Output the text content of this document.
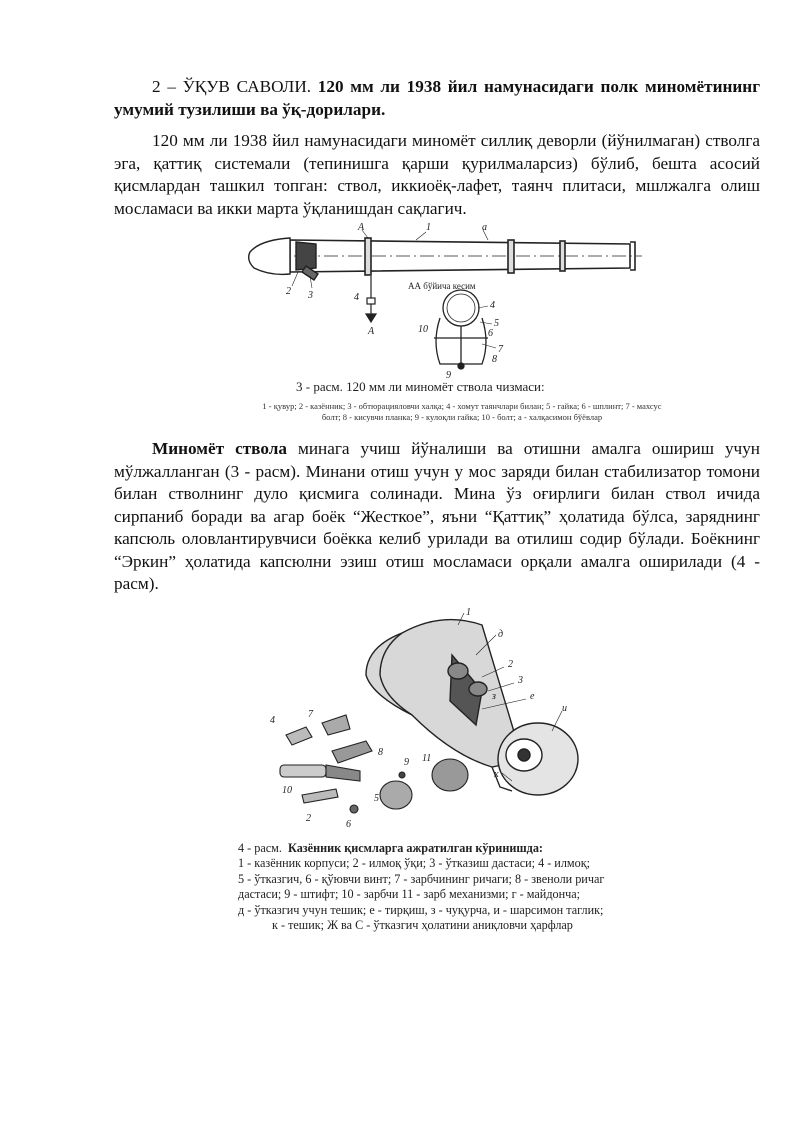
2 – ЎҚУВ САВОЛИ. 120 мм ли 1938 йил намунасидаги полк миномётининг умумий тузилиши ва ўқ-дорилари.

120 мм ли 1938 йил намунасидаги миномёт силлиқ деворли (йўнилмаган) стволга эга, қаттиқ системали (тепинишга қарши қурилмаларсиз) бўлиб, бешта асосий қисмлардан ташкил топган: ствол, иккиоёқ-лафет, таянч плитаси, мшлжалга олиш мосламаси ва икки марта ўқланишдан сақлагич.

А	1	а
2 3	4
А	10
4
5
6
7
8
9
АА бўйича кесим
3 - расм. 120 мм ли миномёт ствола чизмаси:
1 - қувур; 2 - казённик; 3 - обтюрацияловчи халқа; 4 - хомут таянчлари билан; 5 - гайка; 6 - шплинт; 7 - махсус болт; 8 - кисувчи планка; 9 - кулоқли гайка; 10 - болт; а - халқасимон бўёвлар

Миномёт ствола минага учиш йўналиши ва отишни амалга ошириш учун мўлжалланган (3 - расм). Минани отиш учун у мос заряди билан стабилизатор томони билан стволнинг дуло қисмига солинади. Мина ўз оғирлиги билан ствол ичида сирпаниб боради ва агар боёк “Жесткое”, яъни “Қаттиқ” ҳолатида бўлса, заряднинг капсюль оловлантирувчиси боёкка келиб урилади ва отилиш содир бўлади. Боёкнинг “Эркин” ҳолатида капсюлни эзиш отиш мосламаси орқали амалга оширилади (4 - расм).

1
д
2
3
е
з
и
к
4
7
8
10
2
6
5
9 11
4 - расм. Казённик қисмларга ажратилган кўринишда:
1 - казённик корпуси; 2 - илмоқ ўқи; 3 - ўтказиш дастаси; 4 - илмоқ;
5 - ўтказгич, 6 - қўювчи винт; 7 - зарбчининг ричаги; 8 - звеноли ричаг
дастаси; 9 - штифт; 10 - зарбчи 11 - зарб механизми; г - майдонча;
д - ўтказгич учун тешик; е - тирқиш, з - чуқурча, и - шарсимон таглик;
к - тешик; Ж ва С - ўтказгич ҳолатини аниқловчи ҳарфлар
